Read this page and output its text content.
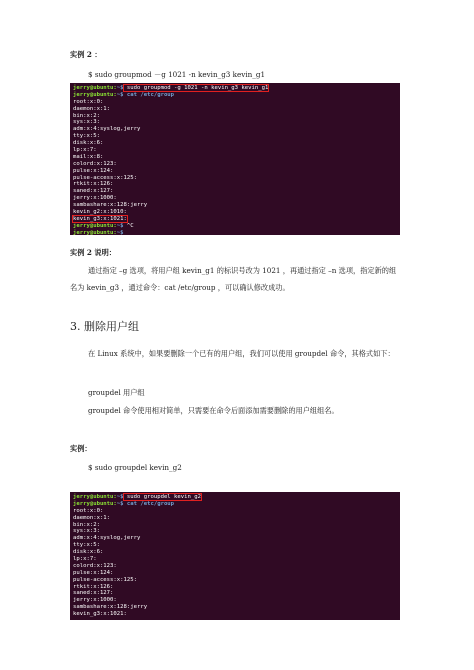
实例 2 ：
$ sudo groupmod －g 1021 -n kevin_g3 kevin_g1
jerry@ubuntu:~$ sudo groupmod -g 1021 -n kevin_g3 kevin_g1
jerry@ubuntu:~$ cat /etc/group
root:x:0:
daemon:x:1:
bin:x:2:
sys:x:3:
adm:x:4:syslog,jerry
tty:x:5:
disk:x:6:
lp:x:7:
mail:x:8:
colord:x:123:
pulse:x:124:
pulse-access:x:125:
rtkit:x:126:
saned:x:127:
jerry:x:1000:
sambashare:x:128:jerry
kevin_g2:x:1010:
kevin_g3:x:1021:
jerry@ubuntu:~$ ^C
jerry@ubuntu:~$
实例 2 说明：
通过指定 –g 选项，将用户组 kevin_g1 的标识号改为 1021 ，再通过指定 –n 选项，指定新的组名为 kevin_g3 ，通过命令：cat /etc/group ，可以确认修改成功。
3. 删除用户组
在 Linux 系统中，如果要删除一个已有的用户组，我们可以使用 groupdel 命令，其格式如下：
groupdel 用户组
groupdel 命令使用相对简单，只需要在命令后面添加需要删除的用户组组名。
实例：
$ sudo groupdel kevin_g2
jerry@ubuntu:~$ sudo groupdel kevin_g2
jerry@ubuntu:~$ cat /etc/group
root:x:0:
daemon:x:1:
bin:x:2:
sys:x:3:
adm:x:4:syslog,jerry
tty:x:5:
disk:x:6:
lp:x:7:
colord:x:123:
pulse:x:124:
pulse-access:x:125:
rtkit:x:126:
saned:x:127:
jerry:x:1000:
sambashare:x:128:jerry
kevin_g3:x:1021:
